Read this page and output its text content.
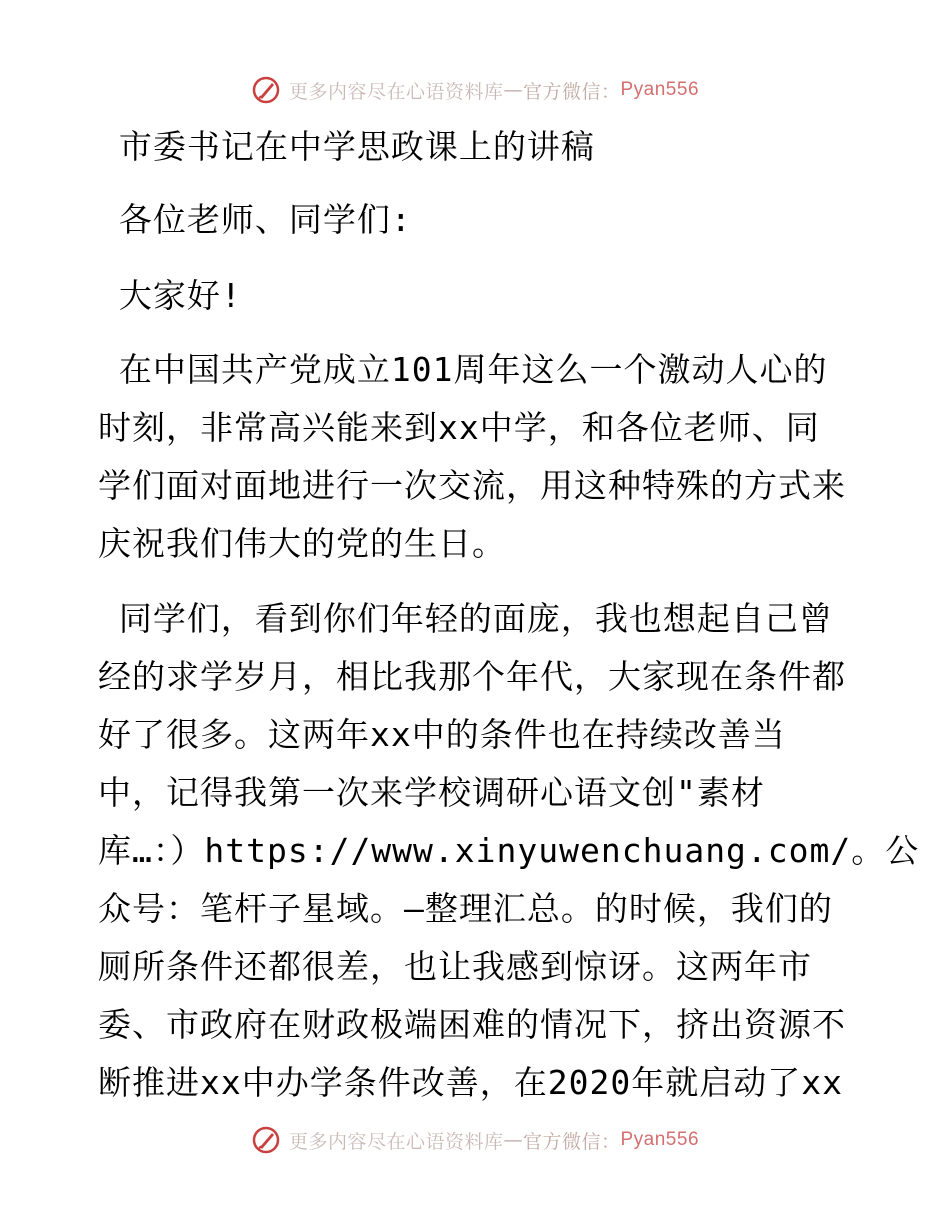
更多内容尽在心语资料库 — 官方微信： Pyan556
市委书记在中学思政课上的讲稿
各位老师、同学们:
大家好!
在中国共产党成立101周年这么一个激动人心的
时刻，非常高兴能来到xx中学，和各位老师、同
学们面对面地进行一次交流，用这种特殊的方式来
庆祝我们伟大的党的生日。
同学们，看到你们年轻的面庞，我也想起自己曾
经的求学岁月，相比我那个年代，大家现在条件都
好了很多。这两年xx中的条件也在持续改善当
中，记得我第一次来学校调研心语文创"素材
库…：）https://www.xinyuwenchuang.com/。公
众号：笔杆子星域。—整理汇总。的时候，我们的
厕所条件还都很差，也让我感到惊讶。这两年市
委、市政府在财政极端困难的情况下，挤出资源不
断推进xx中办学条件改善，在2020年就启动了xx
更多内容尽在心语资料库 — 官方微信： Pyan556
